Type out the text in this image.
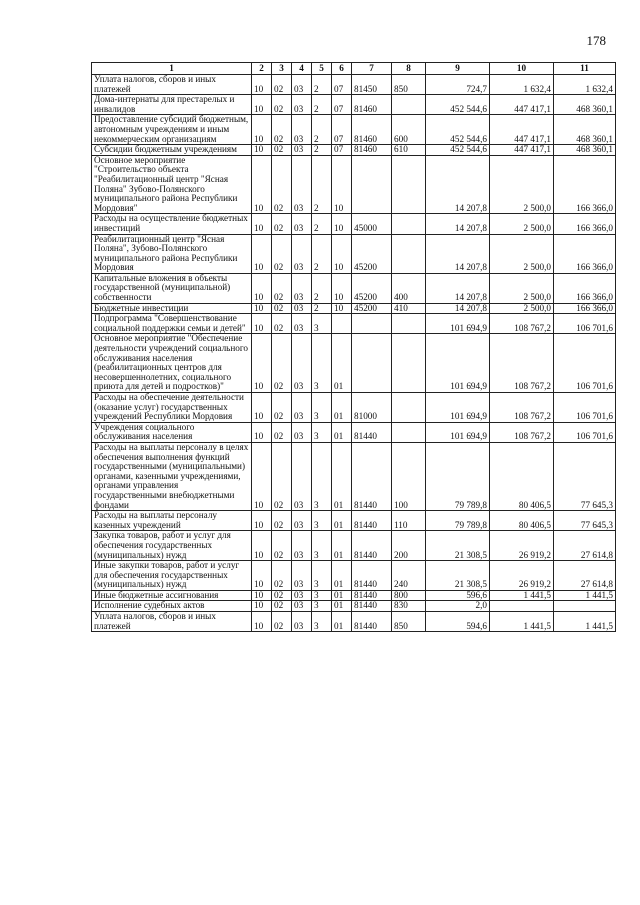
178
1	2	3	4	5	6	7	8	9	10	11
Уплата налогов, сборов и иных платежей	10	02	03	2	07	81450	850	724,7	1 632,4	1 632,4
Дома-интернаты для престарелых и инвалидов	10	02	03	2	07	81460		452 544,6	447 417,1	468 360,1
Предоставление субсидий бюджетным, автономным учреждениям и иным некоммерческим организациям	10	02	03	2	07	81460	600	452 544,6	447 417,1	468 360,1
Субсидии бюджетным учреждениям	10	02	03	2	07	81460	610	452 544,6	447 417,1	468 360,1
Основное мероприятие "Строительство объекта "Реабилитационный центр "Ясная Поляна" Зубово-Полянского муниципального района Республики Мордовия"	10	02	03	2	10			14 207,8	2 500,0	166 366,0
Расходы на осуществление бюджетных инвестиций	10	02	03	2	10	45000		14 207,8	2 500,0	166 366,0
Реабилитационный центр "Ясная Поляна", Зубово-Полянского муниципального района Республики Мордовия	10	02	03	2	10	45200		14 207,8	2 500,0	166 366,0
Капитальные вложения в объекты государственной (муниципальной) собственности	10	02	03	2	10	45200	400	14 207,8	2 500,0	166 366,0
Бюджетные инвестиции	10	02	03	2	10	45200	410	14 207,8	2 500,0	166 366,0
Подпрограмма "Совершенствование социальной поддержки семьи и детей"	10	02	03	3				101 694,9	108 767,2	106 701,6
Основное мероприятие "Обеспечение деятельности учреждений социального обслуживания населения (реабилитационных центров для несовершеннолетних, социального приюта для детей и подростков)"	10	02	03	3	01			101 694,9	108 767,2	106 701,6
Расходы на обеспечение деятельности (оказание услуг) государственных учреждений Республики Мордовия	10	02	03	3	01	81000		101 694,9	108 767,2	106 701,6
Учреждения социального обслуживания населения	10	02	03	3	01	81440		101 694,9	108 767,2	106 701,6
Расходы на выплаты персоналу в целях обеспечения выполнения функций государственными (муниципальными) органами, казенными учреждениями, органами управления государственными внебюджетными фондами	10	02	03	3	01	81440	100	79 789,8	80 406,5	77 645,3
Расходы на выплаты персоналу казенных учреждений	10	02	03	3	01	81440	110	79 789,8	80 406,5	77 645,3
Закупка товаров, работ и услуг для обеспечения государственных (муниципальных) нужд	10	02	03	3	01	81440	200	21 308,5	26 919,2	27 614,8
Иные закупки товаров, работ и услуг для обеспечения государственных (муниципальных) нужд	10	02	03	3	01	81440	240	21 308,5	26 919,2	27 614,8
Иные бюджетные ассигнования	10	02	03	3	01	81440	800	596,6	1 441,5	1 441,5
Исполнение судебных актов	10	02	03	3	01	81440	830	2,0		
Уплата налогов, сборов и иных платежей	10	02	03	3	01	81440	850	594,6	1 441,5	1 441,5
